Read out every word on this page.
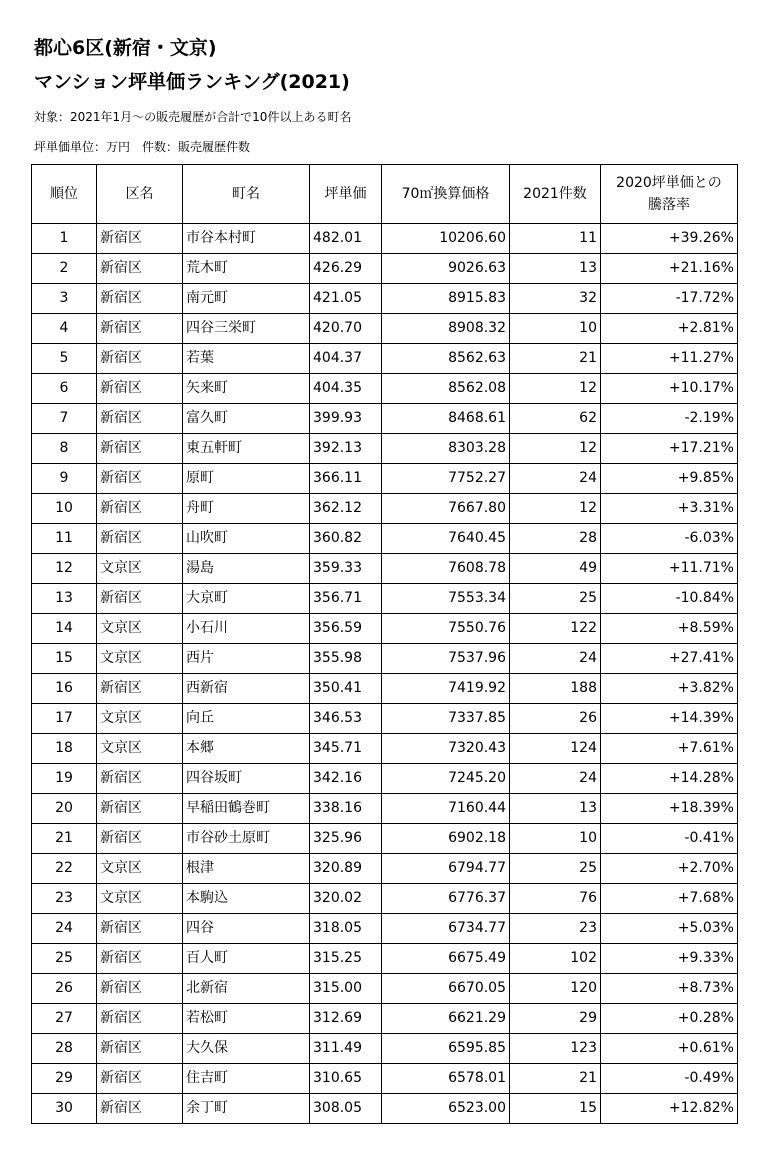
都心6区(新宿・文京)
マンション坪単価ランキング(2021)
対象：2021年1月～の販売履歴が合計で10件以上ある町名
坪単価単位：万円　件数：販売履歴件数
順位	区名	町名	坪単価	70㎡換算価格	2021件数	2020坪単価との
騰落率

1	新宿区	市谷本村町	482.01	10206.60	11	+39.26%
2	新宿区	荒木町	426.29	9026.63	13	+21.16%
3	新宿区	南元町	421.05	8915.83	32	-17.72%
4	新宿区	四谷三栄町	420.70	8908.32	10	+2.81%
5	新宿区	若葉	404.37	8562.63	21	+11.27%
6	新宿区	矢来町	404.35	8562.08	12	+10.17%
7	新宿区	富久町	399.93	8468.61	62	-2.19%
8	新宿区	東五軒町	392.13	8303.28	12	+17.21%
9	新宿区	原町	366.11	7752.27	24	+9.85%
10	新宿区	舟町	362.12	7667.80	12	+3.31%
11	新宿区	山吹町	360.82	7640.45	28	-6.03%
12	文京区	湯島	359.33	7608.78	49	+11.71%
13	新宿区	大京町	356.71	7553.34	25	-10.84%
14	文京区	小石川	356.59	7550.76	122	+8.59%
15	文京区	西片	355.98	7537.96	24	+27.41%
16	新宿区	西新宿	350.41	7419.92	188	+3.82%
17	文京区	向丘	346.53	7337.85	26	+14.39%
18	文京区	本郷	345.71	7320.43	124	+7.61%
19	新宿区	四谷坂町	342.16	7245.20	24	+14.28%
20	新宿区	早稲田鶴巻町	338.16	7160.44	13	+18.39%
21	新宿区	市谷砂土原町	325.96	6902.18	10	-0.41%
22	文京区	根津	320.89	6794.77	25	+2.70%
23	文京区	本駒込	320.02	6776.37	76	+7.68%
24	新宿区	四谷	318.05	6734.77	23	+5.03%
25	新宿区	百人町	315.25	6675.49	102	+9.33%
26	新宿区	北新宿	315.00	6670.05	120	+8.73%
27	新宿区	若松町	312.69	6621.29	29	+0.28%
28	新宿区	大久保	311.49	6595.85	123	+0.61%
29	新宿区	住吉町	310.65	6578.01	21	-0.49%
30	新宿区	余丁町	308.05	6523.00	15	+12.82%
